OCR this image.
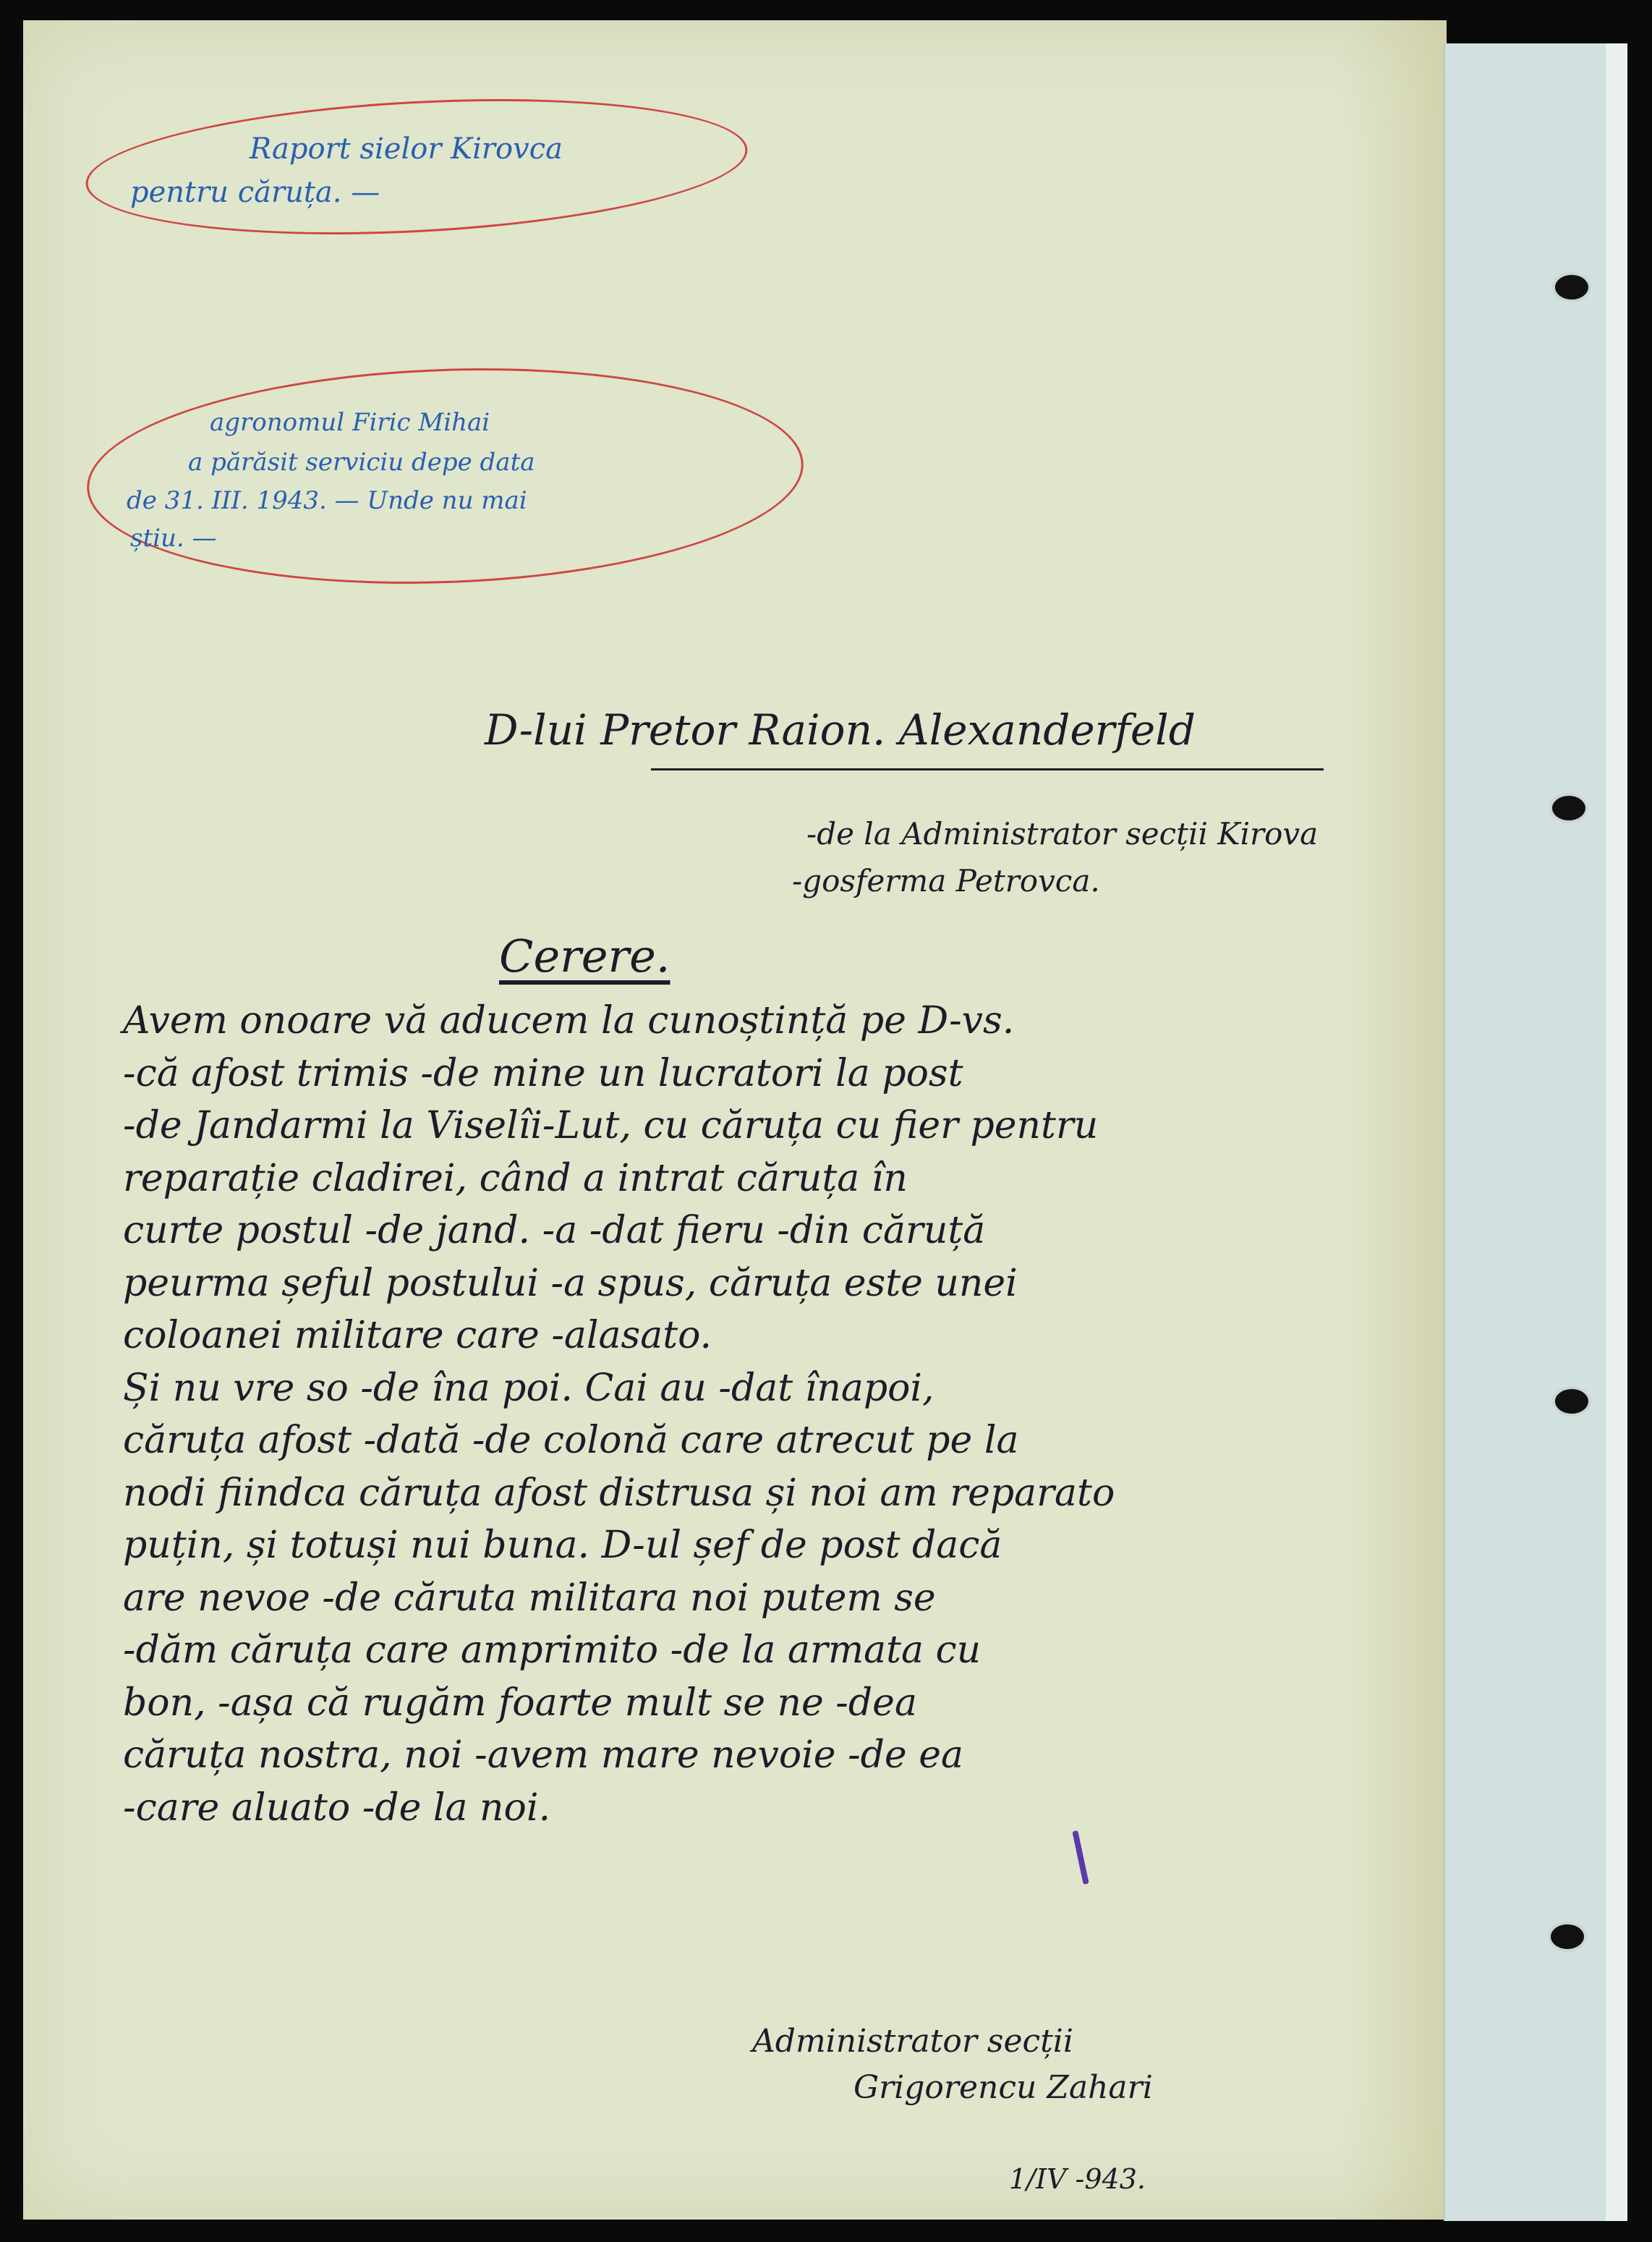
Raport sielor Kirovca
pentru căruța. —
agronomul Firic Mihai
a părăsit serviciu depe data
de 31. III. 1943. — Unde nu mai
știu. —
D-lui Pretor Raion. Alexanderfeld
-de la Administrator secții Kirova
-gosferma Petrovca.
Cerere.
Avem onoare vă aducem la cunoștință pe D-vs.
-că afost trimis -de mine un lucratori la post
-de Jandarmi la Viselîi-Lut, cu căruța cu fier pentru
reparație cladirei, când a intrat căruța în
curte postul -de jand. -a -dat fieru -din căruță
peurma șeful postului -a spus, căruța este unei
coloanei militare care -alasato.
Și nu vre so -de îna poi. Cai au -dat înapoi,
căruța afost -dată -de colonă care atrecut pe la
nodi fiindca căruța afost distrusa și noi am reparato
puțin, și totuși nui buna. D-ul șef de post dacă
are nevoe -de căruta militara noi putem se
-dăm căruța care amprimito -de la armata cu
bon, -așa că rugăm foarte mult se ne -dea
căruța nostra, noi -avem mare nevoie -de ea
-care aluato -de la noi.
Administrator secții
Grigorencu Zahari
1/IV -943.
